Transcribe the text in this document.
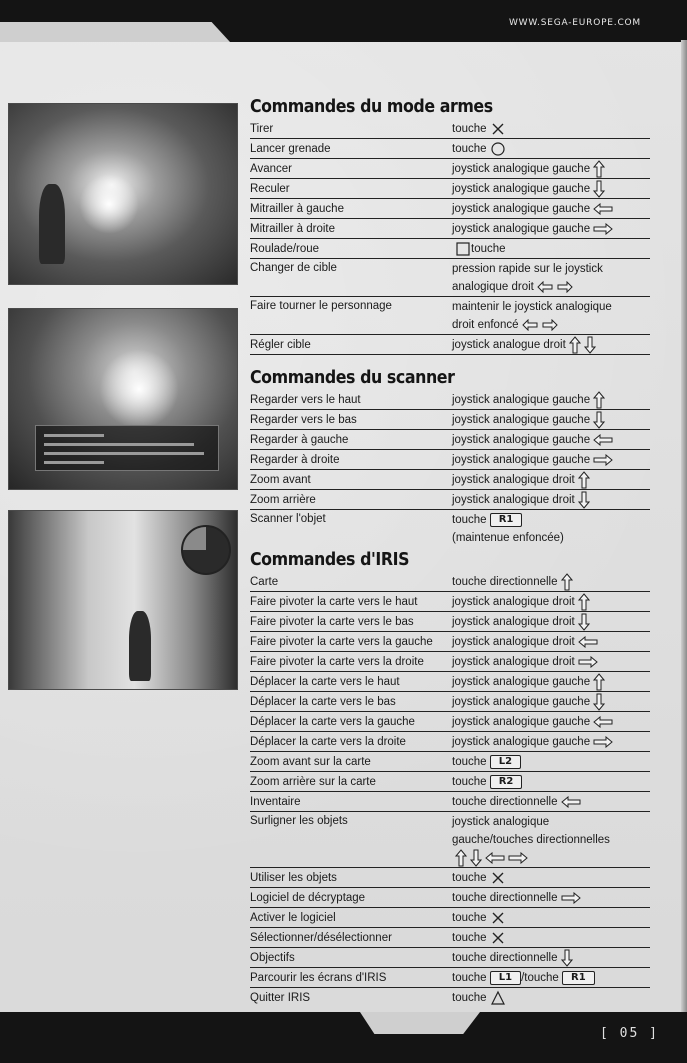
WWW.SEGA-EUROPE.COM
Commandes du mode armes
Tirer	touche
Lancer grenade	touche
Avancer	joystick analogique gauche
Reculer	joystick analogique gauche
Mitrailler à gauche	joystick analogique gauche
Mitrailler à droite	joystick analogique gauche
Roulade/roue	touche
Changer de cible	pression rapide sur le joystick
analogique droit
Faire tourner le personnage	maintenir le joystick analogique
droit enfoncé
Régler cible	joystick analogue droit
Commandes du scanner
Regarder vers le haut	joystick analogique gauche
Regarder vers le bas	joystick analogique gauche
Regarder à gauche	joystick analogique gauche
Regarder à droite	joystick analogique gauche
Zoom avant	joystick analogique droit
Zoom arrière	joystick analogique droit
Scanner l'objet	touche R1
(maintenue enfoncée)
Commandes d'IRIS
Carte	touche directionnelle
Faire pivoter la carte vers le haut	joystick analogique droit
Faire pivoter la carte vers le bas	joystick analogique droit
Faire pivoter la carte vers la gauche	joystick analogique droit
Faire pivoter la carte vers la droite	joystick analogique droit
Déplacer la carte vers le haut	joystick analogique gauche
Déplacer la carte vers le bas	joystick analogique gauche
Déplacer la carte vers la gauche	joystick analogique gauche
Déplacer la carte vers la droite	joystick analogique gauche
Zoom avant sur la carte	touche L2
Zoom arrière sur la carte	touche R2
Inventaire	touche directionnelle
Surligner les objets	joystick analogique
gauche/touches directionnelles
Utiliser les objets	touche
Logiciel de décryptage	touche directionnelle
Activer le logiciel	touche
Sélectionner/désélectionner	touche
Objectifs	touche directionnelle
Parcourir les écrans d'IRIS	touche L1 /touche R1
Quitter IRIS	touche
[ 05 ]
